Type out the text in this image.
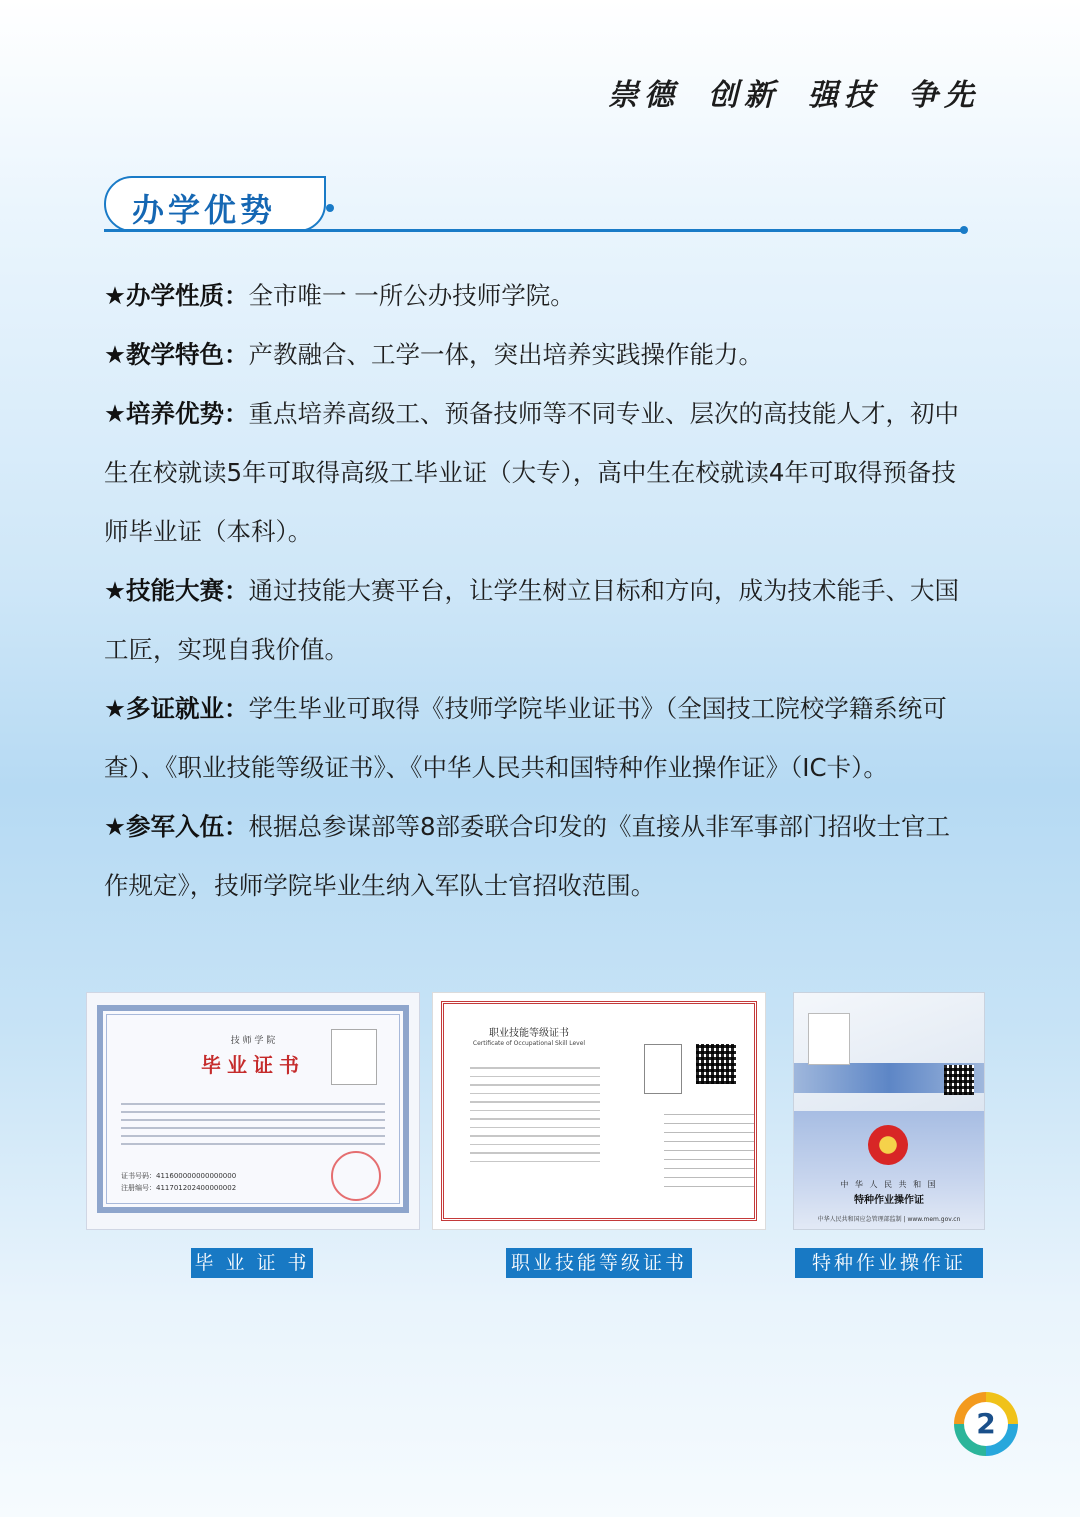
崇德 创新 强技 争先
办学优势

★办学性质：全市唯一 一所公办技师学院。

★教学特色：产教融合、工学一体，突出培养实践操作能力。

★培养优势：重点培养高级工、预备技师等不同专业、层次的高技能人才，初中生在校就读5年可取得高级工毕业证（大专），高中生在校就读4年可取得预备技师毕业证（本科）。

★技能大赛：通过技能大赛平台，让学生树立目标和方向，成为技术能手、大国工匠，实现自我价值。

★多证就业：学生毕业可取得《技师学院毕业证书》（全国技工院校学籍系统可查）、《职业技能等级证书》、《中华人民共和国特种作业操作证》（IC卡）。

★参军入伍：根据总参谋部等8部委联合印发的《直接从非军事部门招收士官工作规定》，技师学院毕业生纳入军队士官招收范围。

技 师 学 院
毕业证书
证书号码：411600000000000000
注册编号：411701202400000002
毕 业 证 书
职业技能等级证书
Certificate of Occupational Skill Level
职业技能等级证书
中 华 人 民 共 和 国
特种作业操作证
中华人民共和国应急管理部监制 | www.mem.gov.cn
特种作业操作证
2
